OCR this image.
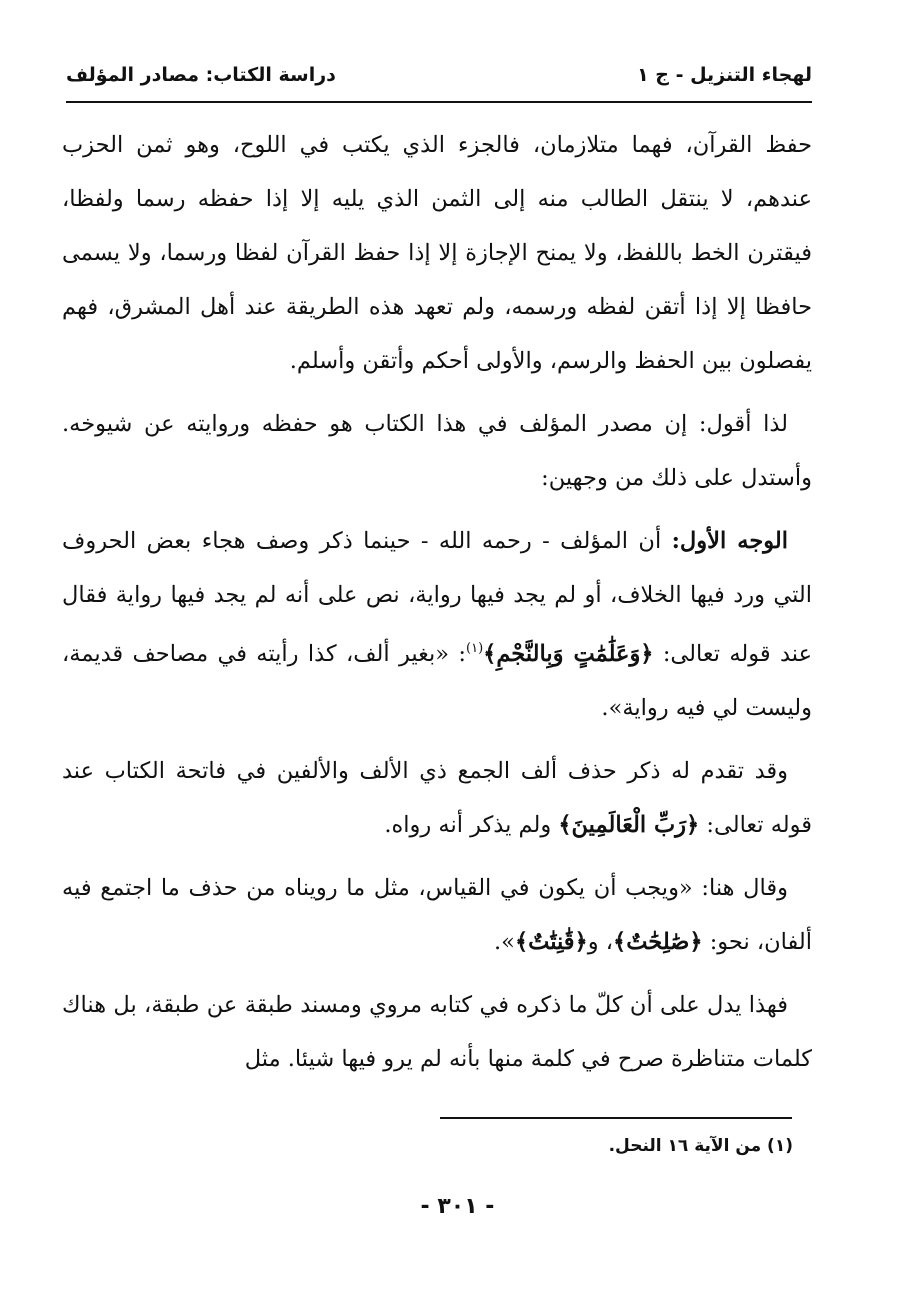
لهجاء التنزيل - ج ١
دراسة الكتاب: مصادر المؤلف

حفظ القرآن، فهما متلازمان، فالجزء الذي يكتب في اللوح، وهو ثمن الحزب عندهم، لا ينتقل الطالب منه إلى الثمن الذي يليه إلا إذا حفظه رسما ولفظا، فيقترن الخط باللفظ، ولا يمنح الإجازة إلا إذا حفظ القرآن لفظا ورسما، ولا يسمى حافظا إلا إذا أتقن لفظه ورسمه، ولم تعهد هذه الطريقة عند أهل المشرق، فهم يفصلون بين الحفظ والرسم، والأولى أحكم وأتقن وأسلم.

لذا أقول: إن مصدر المؤلف في هذا الكتاب هو حفظه وروايته عن شيوخه. وأستدل على ذلك من وجهين:

الوجه الأول: أن المؤلف - رحمه الله - حينما ذكر وصف هجاء بعض الحروف التي ورد فيها الخلاف، أو لم يجد فيها رواية، نص على أنه لم يجد فيها رواية فقال عند قوله تعالى: ﴿وَعَلَٰمَٰتٍ وَبِالنَّجْمِ﴾$^{(١)}$: «بغير ألف، كذا رأيته في مصاحف قديمة، وليست لي فيه رواية».

وقد تقدم له ذكر حذف ألف الجمع ذي الألف والألفين في فاتحة الكتاب عند قوله تعالى: ﴿رَبِّ الْعَالَمِينَ﴾ ولم يذكر أنه رواه.

وقال هنا: «ويجب أن يكون في القياس، مثل ما رويناه من حذف ما اجتمع فيه ألفان، نحو: ﴿صَٰلِحَٰتٌ﴾، و﴿قَٰنِتَٰتٌ﴾».

فهذا يدل على أن كلّ ما ذكره في كتابه مروي ومسند طبقة عن طبقة، بل هناك كلمات متناظرة صرح في كلمة منها بأنه لم يرو فيها شيئا. مثل

(١) من الآية ١٦ النحل.
- ٣٠١ -
